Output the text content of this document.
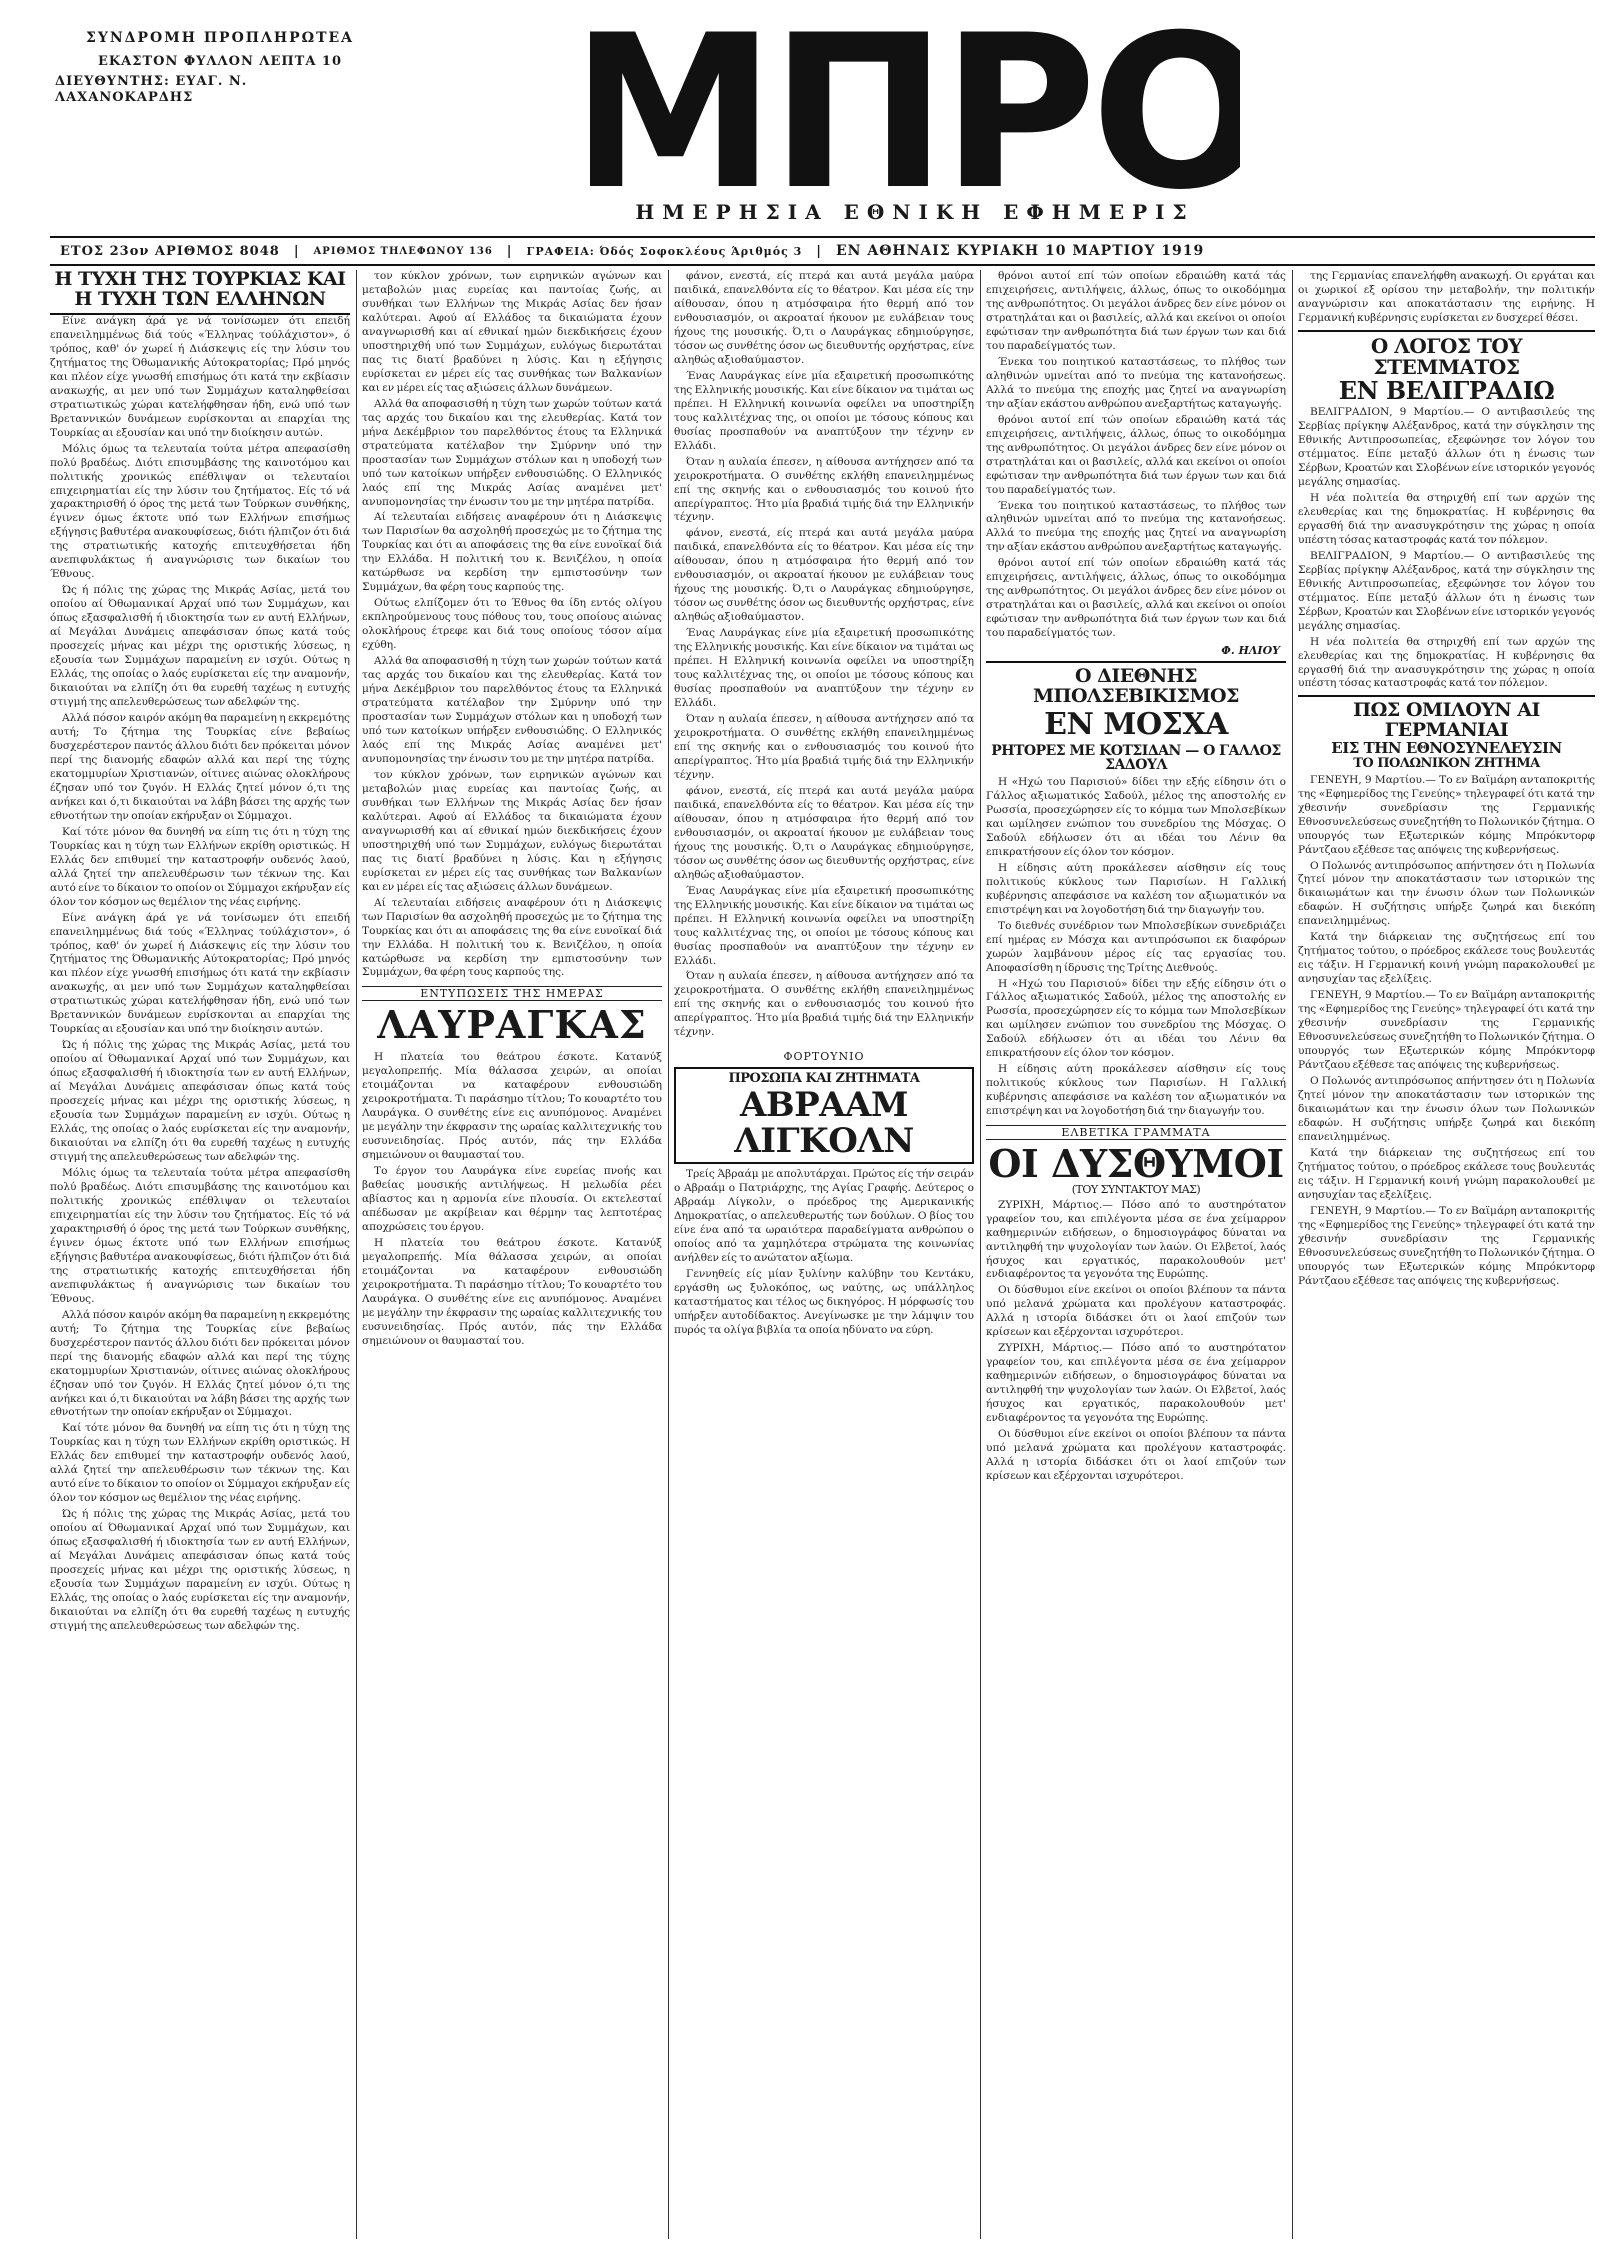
ΣΥΝΔΡΟΜΗ ΠΡΟΠΛΗΡΩΤΕΑ
ΕΚΑΣΤΟΝ ΦΥΛΛΟΝ ΛΕΠΤΑ 10
ΔΙΕΥΘΥΝΤΗΣ: ΕΥΑΓ. Ν. ΛΑΧΑΝΟΚΑΡΔΗΣ	ΜΠΡΟ
ΗΜΕΡΗΣΙΑ ΕΘΝΙΚΗ ΕΦΗΜΕΡΙΣ
ΕΤΟΣ 23ον ΑΡΙΘΜΟΣ 8048	|	ΑΡΙΘΜΟΣ ΤΗΛΕΦΩΝΟΥ 136	|	ΓΡΑΦΕΙΑ: Όδός Σοφοκλέους Άριθμός 3	|	ΕΝ ΑΘΗΝΑΙΣ ΚΥΡΙΑΚΗ 10 ΜΑΡΤΙΟΥ 1919
Η ΤΥΧΗ ΤΗΣ ΤΟΥΡΚΙΑΣ ΚΑΙ Η ΤΥΧΗ ΤΩΝ ΕΛΛΗΝΩΝ

Είνε ανάγκη άρά γε νά τονίσωμεν ότι επειδή επανειλημμένως διά τούς «Έλληνας τούλάχιστον», ό τρόπος, καθ' όν χωρεί ή Διάσκεψις είς την λύσιν του ζητήματος της Όθωμανικής Αύτοκρατορίας; Πρό μηνός και πλέον είχε γνωσθή επισήμως ότι κατά την εκβίασιν ανακωχής, αι μεν υπό των Συμμάχων καταληφθείσαι στρατιωτικώς χώραι κατελήφθησαν ήδη, ενώ υπό των Βρεταννικών δυνάμεων ευρίσκονται αι επαρχίαι της Τουρκίας αι εξουσίαν και υπό την διοίκησιν αυτών.

Μόλις όμως τα τελευταία τούτα μέτρα απεφασίσθη πολύ βραδέως. Διότι επισυμβάσης της καινοτόμου και πολιτικής χρονικώς επέθλιψαν οι τελευταίοι επιχειρηματίαι είς την λύσιν του ζητήματος. Είς τό νά χαρακτηρισθή ό όρος της μετά των Τούρκων συνθήκης, έγινεν όμως έκτοτε υπό των Ελλήνων επισήμως εξήγησις βαθυτέρα ανακουφίσεως, διότι ήλπιζον ότι διά της στρατιωτικής κατοχής επιτευχθήσεται ήδη ανεπιφυλάκτως ή αναγνώρισις των δικαίων του Έθνους.

Ώς ή πόλις της χώρας της Μικράς Ασίας, μετά του οποίου αί Όθωμανικαί Αρχαί υπό των Συμμάχων, και όπως εξασφαλισθή ή ιδιοκτησία των εν αυτή Ελλήνων, αί Μεγάλαι Δυνάμεις απεφάσισαν όπως κατά τούς προσεχείς μήνας και μέχρι της οριστικής λύσεως, η εξουσία των Συμμάχων παραμείνη εν ισχύι. Ούτως η Ελλάς, της οποίας ο λαός ευρίσκεται είς την αναμονήν, δικαιούται να ελπίζη ότι θα ευρεθή ταχέως η ευτυχής στιγμή της απελευθερώσεως των αδελφών της.

Αλλά πόσον καιρόν ακόμη θα παραμείνη η εκκρεμότης αυτή; Το ζήτημα της Τουρκίας είνε βεβαίως δυσχερέστερον παντός άλλου διότι δεν πρόκειται μόνον περί της διανομής εδαφών αλλά και περί της τύχης εκατομμυρίων Χριστιανών, οίτινες αιώνας ολοκλήρους έζησαν υπό τον ζυγόν. Η Ελλάς ζητεί μόνον ό,τι της ανήκει και ό,τι δικαιούται να λάβη βάσει της αρχής των εθνοτήτων την οποίαν εκήρυξαν οι Σύμμαχοι.

Καί τότε μόνον θα δυνηθή να είπη τις ότι η τύχη της Τουρκίας και η τύχη των Ελλήνων εκρίθη οριστικώς. Η Ελλάς δεν επιθυμεί την καταστροφήν ουδενός λαού, αλλά ζητεί την απελευθέρωσιν των τέκνων της. Και αυτό είνε το δίκαιον το οποίον οι Σύμμαχοι εκήρυξαν είς όλον τον κόσμον ως θεμέλιον της νέας ειρήνης.

Είνε ανάγκη άρά γε νά τονίσωμεν ότι επειδή επανειλημμένως διά τούς «Έλληνας τούλάχιστον», ό τρόπος, καθ' όν χωρεί ή Διάσκεψις είς την λύσιν του ζητήματος της Όθωμανικής Αύτοκρατορίας; Πρό μηνός και πλέον είχε γνωσθή επισήμως ότι κατά την εκβίασιν ανακωχής, αι μεν υπό των Συμμάχων καταληφθείσαι στρατιωτικώς χώραι κατελήφθησαν ήδη, ενώ υπό των Βρεταννικών δυνάμεων ευρίσκονται αι επαρχίαι της Τουρκίας αι εξουσίαν και υπό την διοίκησιν αυτών.

Ώς ή πόλις της χώρας της Μικράς Ασίας, μετά του οποίου αί Όθωμανικαί Αρχαί υπό των Συμμάχων, και όπως εξασφαλισθή ή ιδιοκτησία των εν αυτή Ελλήνων, αί Μεγάλαι Δυνάμεις απεφάσισαν όπως κατά τούς προσεχείς μήνας και μέχρι της οριστικής λύσεως, η εξουσία των Συμμάχων παραμείνη εν ισχύι. Ούτως η Ελλάς, της οποίας ο λαός ευρίσκεται είς την αναμονήν, δικαιούται να ελπίζη ότι θα ευρεθή ταχέως η ευτυχής στιγμή της απελευθερώσεως των αδελφών της.

Μόλις όμως τα τελευταία τούτα μέτρα απεφασίσθη πολύ βραδέως. Διότι επισυμβάσης της καινοτόμου και πολιτικής χρονικώς επέθλιψαν οι τελευταίοι επιχειρηματίαι είς την λύσιν του ζητήματος. Είς τό νά χαρακτηρισθή ό όρος της μετά των Τούρκων συνθήκης, έγινεν όμως έκτοτε υπό των Ελλήνων επισήμως εξήγησις βαθυτέρα ανακουφίσεως, διότι ήλπιζον ότι διά της στρατιωτικής κατοχής επιτευχθήσεται ήδη ανεπιφυλάκτως ή αναγνώρισις των δικαίων του Έθνους.

Αλλά πόσον καιρόν ακόμη θα παραμείνη η εκκρεμότης αυτή; Το ζήτημα της Τουρκίας είνε βεβαίως δυσχερέστερον παντός άλλου διότι δεν πρόκειται μόνον περί της διανομής εδαφών αλλά και περί της τύχης εκατομμυρίων Χριστιανών, οίτινες αιώνας ολοκλήρους έζησαν υπό τον ζυγόν. Η Ελλάς ζητεί μόνον ό,τι της ανήκει και ό,τι δικαιούται να λάβη βάσει της αρχής των εθνοτήτων την οποίαν εκήρυξαν οι Σύμμαχοι.

Καί τότε μόνον θα δυνηθή να είπη τις ότι η τύχη της Τουρκίας και η τύχη των Ελλήνων εκρίθη οριστικώς. Η Ελλάς δεν επιθυμεί την καταστροφήν ουδενός λαού, αλλά ζητεί την απελευθέρωσιν των τέκνων της. Και αυτό είνε το δίκαιον το οποίον οι Σύμμαχοι εκήρυξαν είς όλον τον κόσμον ως θεμέλιον της νέας ειρήνης.

Ώς ή πόλις της χώρας της Μικράς Ασίας, μετά του οποίου αί Όθωμανικαί Αρχαί υπό των Συμμάχων, και όπως εξασφαλισθή ή ιδιοκτησία των εν αυτή Ελλήνων, αί Μεγάλαι Δυνάμεις απεφάσισαν όπως κατά τούς προσεχείς μήνας και μέχρι της οριστικής λύσεως, η εξουσία των Συμμάχων παραμείνη εν ισχύι. Ούτως η Ελλάς, της οποίας ο λαός ευρίσκεται είς την αναμονήν, δικαιούται να ελπίζη ότι θα ευρεθή ταχέως η ευτυχής στιγμή της απελευθερώσεως των αδελφών της.

τον κύκλον χρόνων, των ειρηνικών αγώνων και μεταβολών μιας ευρείας και παντοίας ζωής, αι συνθήκαι των Ελλήνων της Μικράς Ασίας δεν ήσαν καλύτεραι. Αφού αί Ελλάδος τα δικαιώματα έχουν αναγνωρισθή και αί εθνικαί ημών διεκδικήσεις έχουν υποστηριχθή υπό των Συμμάχων, ευλόγως διερωτάται πας τις διατί βραδύνει η λύσις. Και η εξήγησις ευρίσκεται εν μέρει είς τας συνθήκας των Βαλκανίων και εν μέρει είς τας αξιώσεις άλλων δυνάμεων.

Αλλά θα αποφασισθή η τύχη των χωρών τούτων κατά τας αρχάς του δικαίου και της ελευθερίας. Κατά τον μήνα Δεκέμβριον του παρελθόντος έτους τα Ελληνικά στρατεύματα κατέλαβον την Σμύρνην υπό την προστασίαν των Συμμάχων στόλων και η υποδοχή των υπό των κατοίκων υπήρξεν ενθουσιώδης. Ο Ελληνικός λαός επί της Μικράς Ασίας αναμένει μετ' ανυπομονησίας την ένωσιν του με την μητέρα πατρίδα.

Αί τελευταίαι ειδήσεις αναφέρουν ότι η Διάσκεψις των Παρισίων θα ασχοληθή προσεχώς με το ζήτημα της Τουρκίας και ότι αι αποφάσεις της θα είνε ευνοϊκαί διά την Ελλάδα. Η πολιτική του κ. Βενιζέλου, η οποία κατώρθωσε να κερδίση την εμπιστοσύνην των Συμμάχων, θα φέρη τους καρπούς της.

Ούτως ελπίζομεν ότι το Έθνος θα ίδη εντός ολίγου εκπληρούμενους τους πόθους του, τους οποίους αιώνας ολοκλήρους έτρεφε και διά τους οποίους τόσον αίμα εχύθη.

Αλλά θα αποφασισθή η τύχη των χωρών τούτων κατά τας αρχάς του δικαίου και της ελευθερίας. Κατά τον μήνα Δεκέμβριον του παρελθόντος έτους τα Ελληνικά στρατεύματα κατέλαβον την Σμύρνην υπό την προστασίαν των Συμμάχων στόλων και η υποδοχή των υπό των κατοίκων υπήρξεν ενθουσιώδης. Ο Ελληνικός λαός επί της Μικράς Ασίας αναμένει μετ' ανυπομονησίας την ένωσιν του με την μητέρα πατρίδα.

τον κύκλον χρόνων, των ειρηνικών αγώνων και μεταβολών μιας ευρείας και παντοίας ζωής, αι συνθήκαι των Ελλήνων της Μικράς Ασίας δεν ήσαν καλύτεραι. Αφού αί Ελλάδος τα δικαιώματα έχουν αναγνωρισθή και αί εθνικαί ημών διεκδικήσεις έχουν υποστηριχθή υπό των Συμμάχων, ευλόγως διερωτάται πας τις διατί βραδύνει η λύσις. Και η εξήγησις ευρίσκεται εν μέρει είς τας συνθήκας των Βαλκανίων και εν μέρει είς τας αξιώσεις άλλων δυνάμεων.

Αί τελευταίαι ειδήσεις αναφέρουν ότι η Διάσκεψις των Παρισίων θα ασχοληθή προσεχώς με το ζήτημα της Τουρκίας και ότι αι αποφάσεις της θα είνε ευνοϊκαί διά την Ελλάδα. Η πολιτική του κ. Βενιζέλου, η οποία κατώρθωσε να κερδίση την εμπιστοσύνην των Συμμάχων, θα φέρη τους καρπούς της.

ΕΝΤΥΠΩΣΕΙΣ ΤΗΣ ΗΜΕΡΑΣ
ΛΑΥΡΑΓΚΑΣ

Η πλατεία του θεάτρου έσκοτε. Κατανύξ μεγαλοπρεπής. Μία θάλασσα χειρών, αι οποίαι ετοιμάζονται να καταφέρουν ενθουσιώδη χειροκροτήματα. Τι παράσημο τίτλου; Το κουαρτέτο του Λαυράγκα. Ο συνθέτης είνε εις ανυπόμονος. Αναμένει με μεγάλην την έκφρασιν της ωραίας καλλιτεχνικής του ευσυνειδησίας. Πρός αυτόν, πάς την Ελλάδα σημειώνουν οι θαυμασταί του.

Το έργον του Λαυράγκα είνε ευρείας πνοής και βαθείας μουσικής αντιλήψεως. Η μελωδία ρέει αβίαστος και η αρμονία είνε πλουσία. Οι εκτελεσταί απέδωσαν με ακρίβειαν και θέρμην τας λεπτοτέρας αποχρώσεις του έργου.

Η πλατεία του θεάτρου έσκοτε. Κατανύξ μεγαλοπρεπής. Μία θάλασσα χειρών, αι οποίαι ετοιμάζονται να καταφέρουν ενθουσιώδη χειροκροτήματα. Τι παράσημο τίτλου; Το κουαρτέτο του Λαυράγκα. Ο συνθέτης είνε εις ανυπόμονος. Αναμένει με μεγάλην την έκφρασιν της ωραίας καλλιτεχνικής του ευσυνειδησίας. Πρός αυτόν, πάς την Ελλάδα σημειώνουν οι θαυμασταί του.

φάνον, ενεστά, είς πτερά και αυτά μεγάλα μαύρα παιδικά, επανελθόντα είς το θέατρον. Και μέσα είς την αίθουσαν, όπου η ατμόσφαιρα ήτο θερμή από τον ενθουσιασμόν, οι ακροαταί ήκουον με ευλάβειαν τους ήχους της μουσικής. Ό,τι ο Λαυράγκας εδημιούργησε, τόσον ως συνθέτης όσον ως διευθυντής ορχήστρας, είνε αληθώς αξιοθαύμαστον.

Ένας Λαυράγκας είνε μία εξαιρετική προσωπικότης της Ελληνικής μουσικής. Και είνε δίκαιον να τιμάται ως πρέπει. Η Ελληνική κοινωνία οφείλει να υποστηρίξη τους καλλιτέχνας της, οι οποίοι με τόσους κόπους και θυσίας προσπαθούν να αναπτύξουν την τέχνην εν Ελλάδι.

Όταν η αυλαία έπεσεν, η αίθουσα αντήχησεν από τα χειροκροτήματα. Ο συνθέτης εκλήθη επανειλημμένως επί της σκηνής και ο ενθουσιασμός του κοινού ήτο απερίγραπτος. Ήτο μία βραδιά τιμής διά την Ελληνικήν τέχνην.

φάνον, ενεστά, είς πτερά και αυτά μεγάλα μαύρα παιδικά, επανελθόντα είς το θέατρον. Και μέσα είς την αίθουσαν, όπου η ατμόσφαιρα ήτο θερμή από τον ενθουσιασμόν, οι ακροαταί ήκουον με ευλάβειαν τους ήχους της μουσικής. Ό,τι ο Λαυράγκας εδημιούργησε, τόσον ως συνθέτης όσον ως διευθυντής ορχήστρας, είνε αληθώς αξιοθαύμαστον.

Ένας Λαυράγκας είνε μία εξαιρετική προσωπικότης της Ελληνικής μουσικής. Και είνε δίκαιον να τιμάται ως πρέπει. Η Ελληνική κοινωνία οφείλει να υποστηρίξη τους καλλιτέχνας της, οι οποίοι με τόσους κόπους και θυσίας προσπαθούν να αναπτύξουν την τέχνην εν Ελλάδι.

Όταν η αυλαία έπεσεν, η αίθουσα αντήχησεν από τα χειροκροτήματα. Ο συνθέτης εκλήθη επανειλημμένως επί της σκηνής και ο ενθουσιασμός του κοινού ήτο απερίγραπτος. Ήτο μία βραδιά τιμής διά την Ελληνικήν τέχνην.

φάνον, ενεστά, είς πτερά και αυτά μεγάλα μαύρα παιδικά, επανελθόντα είς το θέατρον. Και μέσα είς την αίθουσαν, όπου η ατμόσφαιρα ήτο θερμή από τον ενθουσιασμόν, οι ακροαταί ήκουον με ευλάβειαν τους ήχους της μουσικής. Ό,τι ο Λαυράγκας εδημιούργησε, τόσον ως συνθέτης όσον ως διευθυντής ορχήστρας, είνε αληθώς αξιοθαύμαστον.

Ένας Λαυράγκας είνε μία εξαιρετική προσωπικότης της Ελληνικής μουσικής. Και είνε δίκαιον να τιμάται ως πρέπει. Η Ελληνική κοινωνία οφείλει να υποστηρίξη τους καλλιτέχνας της, οι οποίοι με τόσους κόπους και θυσίας προσπαθούν να αναπτύξουν την τέχνην εν Ελλάδι.

Όταν η αυλαία έπεσεν, η αίθουσα αντήχησεν από τα χειροκροτήματα. Ο συνθέτης εκλήθη επανειλημμένως επί της σκηνής και ο ενθουσιασμός του κοινού ήτο απερίγραπτος. Ήτο μία βραδιά τιμής διά την Ελληνικήν τέχνην.

ΦΟΡΤΟΥΝΙΟ
ΠΡΟΣΩΠΑ ΚΑΙ ΖΗΤΗΜΑΤΑ
ΑΒΡΑΑΜ ΛΙΓΚΟΛΝ

Τρείς Άβραάμ με απολυτάρχαι. Πρώτος είς τήν σειράν ο Αβραάμ ο Πατριάρχης, της Αγίας Γραφής. Δεύτερος ο Αβραάμ Λίγκολν, ο πρόεδρος της Αμερικανικής Δημοκρατίας, ο απελευθερωτής των δούλων. Ο βίος του είνε ένα από τα ωραιότερα παραδείγματα ανθρώπου ο οποίος από τα χαμηλότερα στρώματα της κοινωνίας ανήλθεν είς το ανώτατον αξίωμα.

Γεννηθείς είς μίαν ξυλίνην καλύβην του Κεντάκυ, εργάσθη ως ξυλοκόπος, ως ναύτης, ως υπάλληλος καταστήματος και τέλος ως δικηγόρος. Η μόρφωσίς του υπήρξεν αυτοδίδακτος. Ανεγίνωσκε με την λάμψιν του πυρός τα ολίγα βιβλία τα οποία ηδύνατο να εύρη.

θρόνοι αυτοί επί τών οποίων εδραιώθη κατά τάς επιχειρήσεις, αντιλήψεις, άλλως, όπως το οικοδόμημα της ανθρωπότητος. Οι μεγάλοι άνδρες δεν είνε μόνον οι στρατηλάται και οι βασιλείς, αλλά και εκείνοι οι οποίοι εφώτισαν την ανθρωπότητα διά των έργων των και διά του παραδείγματός των.

Ένεκα του ποιητικού καταστάσεως, το πλήθος των αληθινών υμνείται από το πνεύμα της κατανοήσεως. Αλλά το πνεύμα της εποχής μας ζητεί να αναγνωρίση την αξίαν εκάστου ανθρώπου ανεξαρτήτως καταγωγής.

θρόνοι αυτοί επί τών οποίων εδραιώθη κατά τάς επιχειρήσεις, αντιλήψεις, άλλως, όπως το οικοδόμημα της ανθρωπότητος. Οι μεγάλοι άνδρες δεν είνε μόνον οι στρατηλάται και οι βασιλείς, αλλά και εκείνοι οι οποίοι εφώτισαν την ανθρωπότητα διά των έργων των και διά του παραδείγματός των.

Ένεκα του ποιητικού καταστάσεως, το πλήθος των αληθινών υμνείται από το πνεύμα της κατανοήσεως. Αλλά το πνεύμα της εποχής μας ζητεί να αναγνωρίση την αξίαν εκάστου ανθρώπου ανεξαρτήτως καταγωγής.

θρόνοι αυτοί επί τών οποίων εδραιώθη κατά τάς επιχειρήσεις, αντιλήψεις, άλλως, όπως το οικοδόμημα της ανθρωπότητος. Οι μεγάλοι άνδρες δεν είνε μόνον οι στρατηλάται και οι βασιλείς, αλλά και εκείνοι οι οποίοι εφώτισαν την ανθρωπότητα διά των έργων των και διά του παραδείγματός των.

Φ. ΗΛΙΟΥ
Ο ΔΙΕΘΝΗΣ ΜΠΟΛΣΕΒΙΚΙΣΜΟΣ
ΕΝ ΜΟΣΧΑ
ΡΗΤΟΡΕΣ ΜΕ ΚΟΤΣΙΔΑΝ — Ο ΓΑΛΛΟΣ ΣΑΔΟΥΛ

Η «Ηχώ του Παρισιού» δίδει την εξής είδησιν ότι ο Γάλλος αξιωματικός Σαδούλ, μέλος της αποστολής εν Ρωσσία, προσεχώρησεν είς το κόμμα των Μπολσεβίκων και ωμίλησεν ενώπιον του συνεδρίου της Μόσχας. Ο Σαδούλ εδήλωσεν ότι αι ιδέαι του Λένιν θα επικρατήσουν είς όλον τον κόσμον.

Η είδησις αύτη προκάλεσεν αίσθησιν είς τους πολιτικούς κύκλους των Παρισίων. Η Γαλλική κυβέρνησις απεφάσισε να καλέση τον αξιωματικόν να επιστρέψη και να λογοδοτήση διά την διαγωγήν του.

Το διεθνές συνέδριον των Μπολσεβίκων συνεδριάζει επί ημέρας εν Μόσχα και αντιπρόσωποι εκ διαφόρων χωρών λαμβάνουν μέρος είς τας εργασίας του. Αποφασίσθη η ίδρυσις της Τρίτης Διεθνούς.

Η «Ηχώ του Παρισιού» δίδει την εξής είδησιν ότι ο Γάλλος αξιωματικός Σαδούλ, μέλος της αποστολής εν Ρωσσία, προσεχώρησεν είς το κόμμα των Μπολσεβίκων και ωμίλησεν ενώπιον του συνεδρίου της Μόσχας. Ο Σαδούλ εδήλωσεν ότι αι ιδέαι του Λένιν θα επικρατήσουν είς όλον τον κόσμον.

Η είδησις αύτη προκάλεσεν αίσθησιν είς τους πολιτικούς κύκλους των Παρισίων. Η Γαλλική κυβέρνησις απεφάσισε να καλέση τον αξιωματικόν να επιστρέψη και να λογοδοτήση διά την διαγωγήν του.

ΕΛΒΕΤΙΚΑ ΓΡΑΜΜΑΤΑ
ΟΙ ΔΥΣΘΥΜΟΙ
(ΤΟΥ ΣΥΝΤΑΚΤΟΥ ΜΑΣ)

ΖΥΡΙΧΗ, Μάρτιος.— Πόσο από το αυστηρότατον γραφείον του, και επιλέγοντα μέσα σε ένα χείμαρρον καθημερινών ειδήσεων, ο δημοσιογράφος δύναται να αντιληφθή την ψυχολογίαν των λαών. Οι Ελβετοί, λαός ήσυχος και εργατικός, παρακολουθούν μετ' ενδιαφέροντος τα γεγονότα της Ευρώπης.

Οι δύσθυμοι είνε εκείνοι οι οποίοι βλέπουν τα πάντα υπό μελανά χρώματα και προλέγουν καταστροφάς. Αλλά η ιστορία διδάσκει ότι οι λαοί επιζούν των κρίσεων και εξέρχονται ισχυρότεροι.

ΖΥΡΙΧΗ, Μάρτιος.— Πόσο από το αυστηρότατον γραφείον του, και επιλέγοντα μέσα σε ένα χείμαρρον καθημερινών ειδήσεων, ο δημοσιογράφος δύναται να αντιληφθή την ψυχολογίαν των λαών. Οι Ελβετοί, λαός ήσυχος και εργατικός, παρακολουθούν μετ' ενδιαφέροντος τα γεγονότα της Ευρώπης.

Οι δύσθυμοι είνε εκείνοι οι οποίοι βλέπουν τα πάντα υπό μελανά χρώματα και προλέγουν καταστροφάς. Αλλά η ιστορία διδάσκει ότι οι λαοί επιζούν των κρίσεων και εξέρχονται ισχυρότεροι.

της Γερμανίας επανελήφθη ανακωχή. Οι εργάται και οι χωρικοί εξ ορίσου την μεταβολήν, την πολιτικήν αναγνώρισιν και αποκατάστασιν της ειρήνης. Η Γερμανική κυβέρνησις ευρίσκεται εν δυσχερεί θέσει.

Ο ΛΟΓΟΣ ΤΟΥ ΣΤΕΜΜΑΤΟΣ
ΕΝ ΒΕΛΙΓΡΑΔΙΩ

ΒΕΛΙΓΡΑΔΙΟΝ, 9 Μαρτίου.— Ο αντιβασιλεύς της Σερβίας πρίγκηψ Αλέξανδρος, κατά την σύγκλησιν της Εθνικής Αντιπροσωπείας, εξεφώνησε τον λόγον του στέμματος. Είπε μεταξύ άλλων ότι η ένωσις των Σέρβων, Κροατών και Σλοβένων είνε ιστορικόν γεγονός μεγάλης σημασίας.

Η νέα πολιτεία θα στηριχθή επί των αρχών της ελευθερίας και της δημοκρατίας. Η κυβέρνησις θα εργασθή διά την ανασυγκρότησιν της χώρας η οποία υπέστη τόσας καταστροφάς κατά τον πόλεμον.

ΒΕΛΙΓΡΑΔΙΟΝ, 9 Μαρτίου.— Ο αντιβασιλεύς της Σερβίας πρίγκηψ Αλέξανδρος, κατά την σύγκλησιν της Εθνικής Αντιπροσωπείας, εξεφώνησε τον λόγον του στέμματος. Είπε μεταξύ άλλων ότι η ένωσις των Σέρβων, Κροατών και Σλοβένων είνε ιστορικόν γεγονός μεγάλης σημασίας.

Η νέα πολιτεία θα στηριχθή επί των αρχών της ελευθερίας και της δημοκρατίας. Η κυβέρνησις θα εργασθή διά την ανασυγκρότησιν της χώρας η οποία υπέστη τόσας καταστροφάς κατά τον πόλεμον.

ΠΩΣ ΟΜΙΛΟΥΝ ΑΙ ΓΕΡΜΑΝΙΑΙ
ΕΙΣ ΤΗΝ ΕΘΝΟΣΥΝΕΛΕΥΣΙΝ
ΤΟ ΠΟΛΩΝΙΚΟΝ ΖΗΤΗΜΑ

ΓΕΝΕΥΗ, 9 Μαρτίου.— Το εν Βαϊμάρη ανταποκριτής της «Εφημερίδος της Γενεύης» τηλεγραφεί ότι κατά την χθεσινήν συνεδρίασιν της Γερμανικής Εθνοσυνελεύσεως συνεζητήθη το Πολωνικόν ζήτημα. Ο υπουργός των Εξωτερικών κόμης Μπρόκντορφ Ράντζαου εξέθεσε τας απόψεις της κυβερνήσεως.

Ο Πολωνός αντιπρόσωπος απήντησεν ότι η Πολωνία ζητεί μόνον την αποκατάστασιν των ιστορικών της δικαιωμάτων και την ένωσιν όλων των Πολωνικών εδαφών. Η συζήτησις υπήρξε ζωηρά και διεκόπη επανειλημμένως.

Κατά την διάρκειαν της συζητήσεως επί του ζητήματος τούτου, ο πρόεδρος εκάλεσε τους βουλευτάς εις τάξιν. Η Γερμανική κοινή γνώμη παρακολουθεί με ανησυχίαν τας εξελίξεις.

ΓΕΝΕΥΗ, 9 Μαρτίου.— Το εν Βαϊμάρη ανταποκριτής της «Εφημερίδος της Γενεύης» τηλεγραφεί ότι κατά την χθεσινήν συνεδρίασιν της Γερμανικής Εθνοσυνελεύσεως συνεζητήθη το Πολωνικόν ζήτημα. Ο υπουργός των Εξωτερικών κόμης Μπρόκντορφ Ράντζαου εξέθεσε τας απόψεις της κυβερνήσεως.

Ο Πολωνός αντιπρόσωπος απήντησεν ότι η Πολωνία ζητεί μόνον την αποκατάστασιν των ιστορικών της δικαιωμάτων και την ένωσιν όλων των Πολωνικών εδαφών. Η συζήτησις υπήρξε ζωηρά και διεκόπη επανειλημμένως.

Κατά την διάρκειαν της συζητήσεως επί του ζητήματος τούτου, ο πρόεδρος εκάλεσε τους βουλευτάς εις τάξιν. Η Γερμανική κοινή γνώμη παρακολουθεί με ανησυχίαν τας εξελίξεις.

ΓΕΝΕΥΗ, 9 Μαρτίου.— Το εν Βαϊμάρη ανταποκριτής της «Εφημερίδος της Γενεύης» τηλεγραφεί ότι κατά την χθεσινήν συνεδρίασιν της Γερμανικής Εθνοσυνελεύσεως συνεζητήθη το Πολωνικόν ζήτημα. Ο υπουργός των Εξωτερικών κόμης Μπρόκντορφ Ράντζαου εξέθεσε τας απόψεις της κυβερνήσεως.
